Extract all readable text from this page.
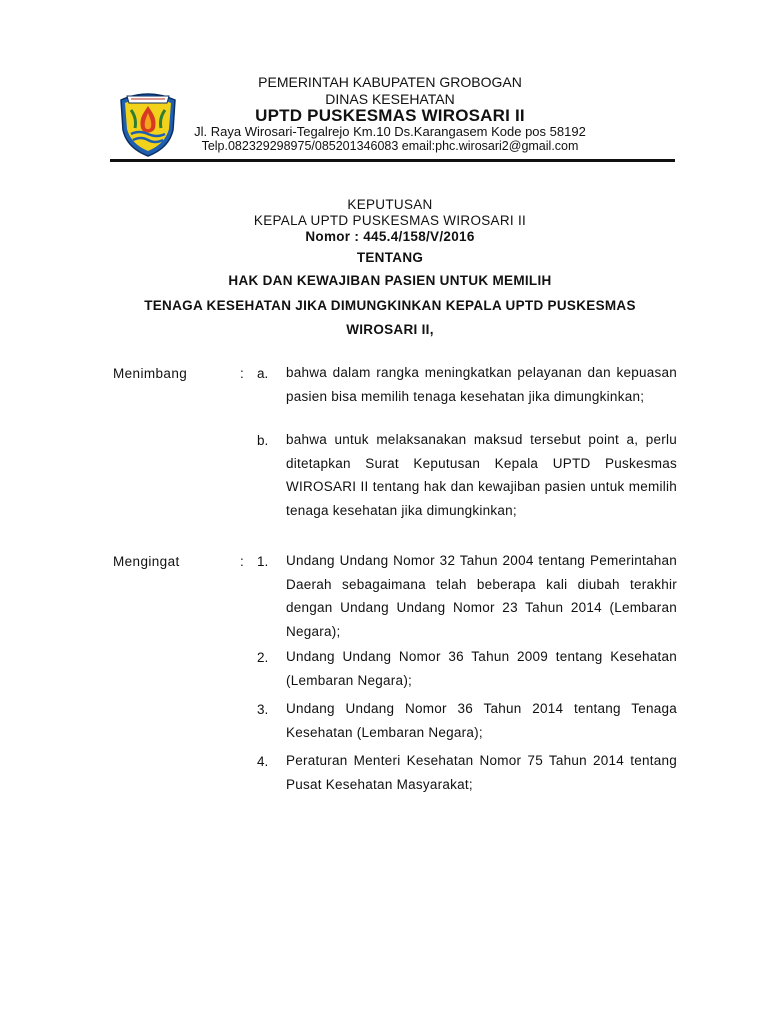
PEMERINTAH KABUPATEN GROBOGAN
DINAS KESEHATAN
UPTD PUSKESMAS WIROSARI II
Jl. Raya Wirosari-Tegalrejo Km.10 Ds.Karangasem Kode pos 58192
Telp.082329298975/085201346083 email:phc.wirosari2@gmail.com
KEPUTUSAN
KEPALA UPTD PUSKESMAS WIROSARI II
Nomor : 445.4/158/V/2016
TENTANG
HAK DAN KEWAJIBAN PASIEN UNTUK MEMILIH
TENAGA KESEHATAN JIKA DIMUNGKINKAN KEPALA UPTD PUSKESMAS
WIROSARI II,
Menimbang	: a. bahwa dalam rangka meningkatkan pelayanan dan kepuasan pasien bisa memilih tenaga kesehatan jika dimungkinkan;
b. bahwa untuk melaksanakan maksud tersebut point a, perlu ditetapkan Surat Keputusan Kepala UPTD Puskesmas WIROSARI II tentang hak dan kewajiban pasien untuk memilih tenaga kesehatan jika dimungkinkan;
Mengingat	: 1. Undang Undang Nomor 32 Tahun 2004 tentang Pemerintahan Daerah sebagaimana telah beberapa kali diubah terakhir dengan Undang Undang Nomor 23 Tahun 2014 (Lembaran Negara);
2. Undang Undang Nomor 36 Tahun 2009 tentang Kesehatan (Lembaran Negara);
3. Undang Undang Nomor 36 Tahun 2014 tentang Tenaga Kesehatan (Lembaran Negara);
4. Peraturan Menteri Kesehatan Nomor 75 Tahun 2014 tentang Pusat Kesehatan Masyarakat;
